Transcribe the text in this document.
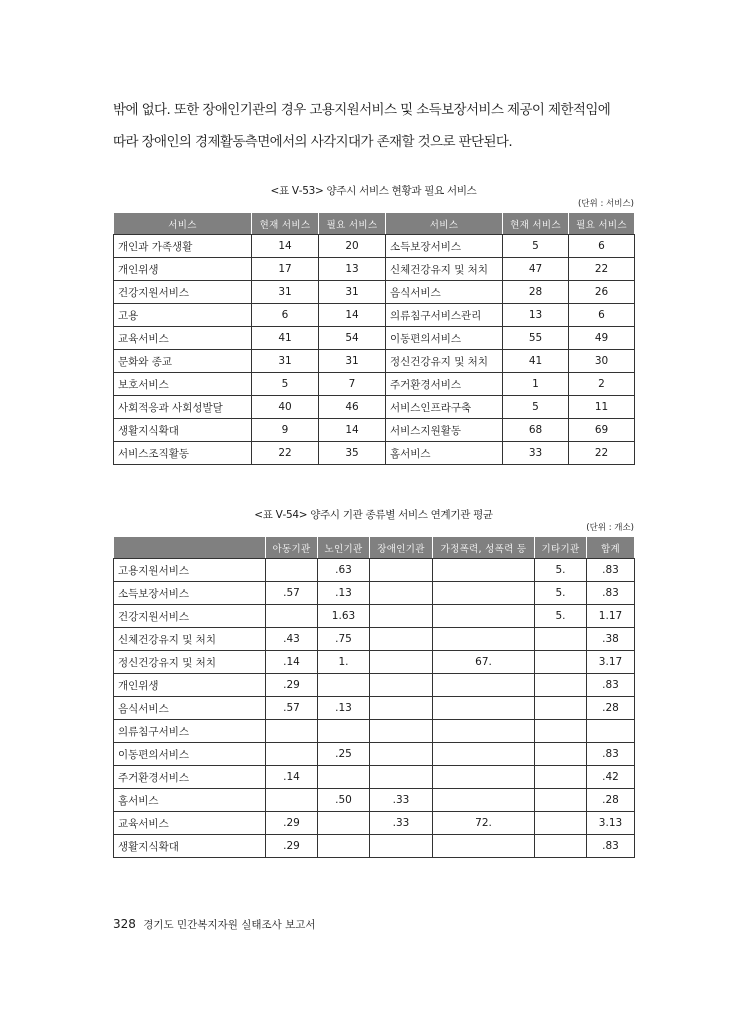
밖에 없다. 또한 장애인기관의 경우 고용지원서비스 및 소득보장서비스 제공이 제한적임에
따라 장애인의 경제활동측면에서의 사각지대가 존재할 것으로 판단된다.
<표 Ⅴ-53> 양주시 서비스 현황과 필요 서비스
(단위 : 서비스)
서비스	현재 서비스	필요 서비스	서비스	현재 서비스	필요 서비스
개인과 가족생활	14	20	소득보장서비스	5	6
개인위생	17	13	신체건강유지 및 처치	47	22
건강지원서비스	31	31	음식서비스	28	26
고용	6	14	의류침구서비스관리	13	6
교육서비스	41	54	이동편의서비스	55	49
문화와 종교	31	31	정신건강유지 및 처치	41	30
보호서비스	5	7	주거환경서비스	1	2
사회적응과 사회성발달	40	46	서비스인프라구축	5	11
생활지식확대	9	14	서비스지원활동	68	69
서비스조직활동	22	35	홈서비스	33	22
<표 Ⅴ-54> 양주시 기관 종류별 서비스 연계기관 평균
(단위 : 개소)
	아동기관	노인기관	장애인기관	가정폭력, 성폭력 등	기타기관	합계
고용지원서비스		.63			5.	.83
소득보장서비스	.57	.13			5.	.83
건강지원서비스		1.63			5.	1.17
신체건강유지 및 처치	.43	.75				.38
정신건강유지 및 처치	.14	1.		67.		3.17
개인위생	.29					.83
음식서비스	.57	.13				.28
의류침구서비스						
이동편의서비스		.25				.83
주거환경서비스	.14					.42
홈서비스		.50	.33			.28
교육서비스	.29		.33	72.		3.13
생활지식확대	.29					.83
328 경기도 민간복지자원 실태조사 보고서
